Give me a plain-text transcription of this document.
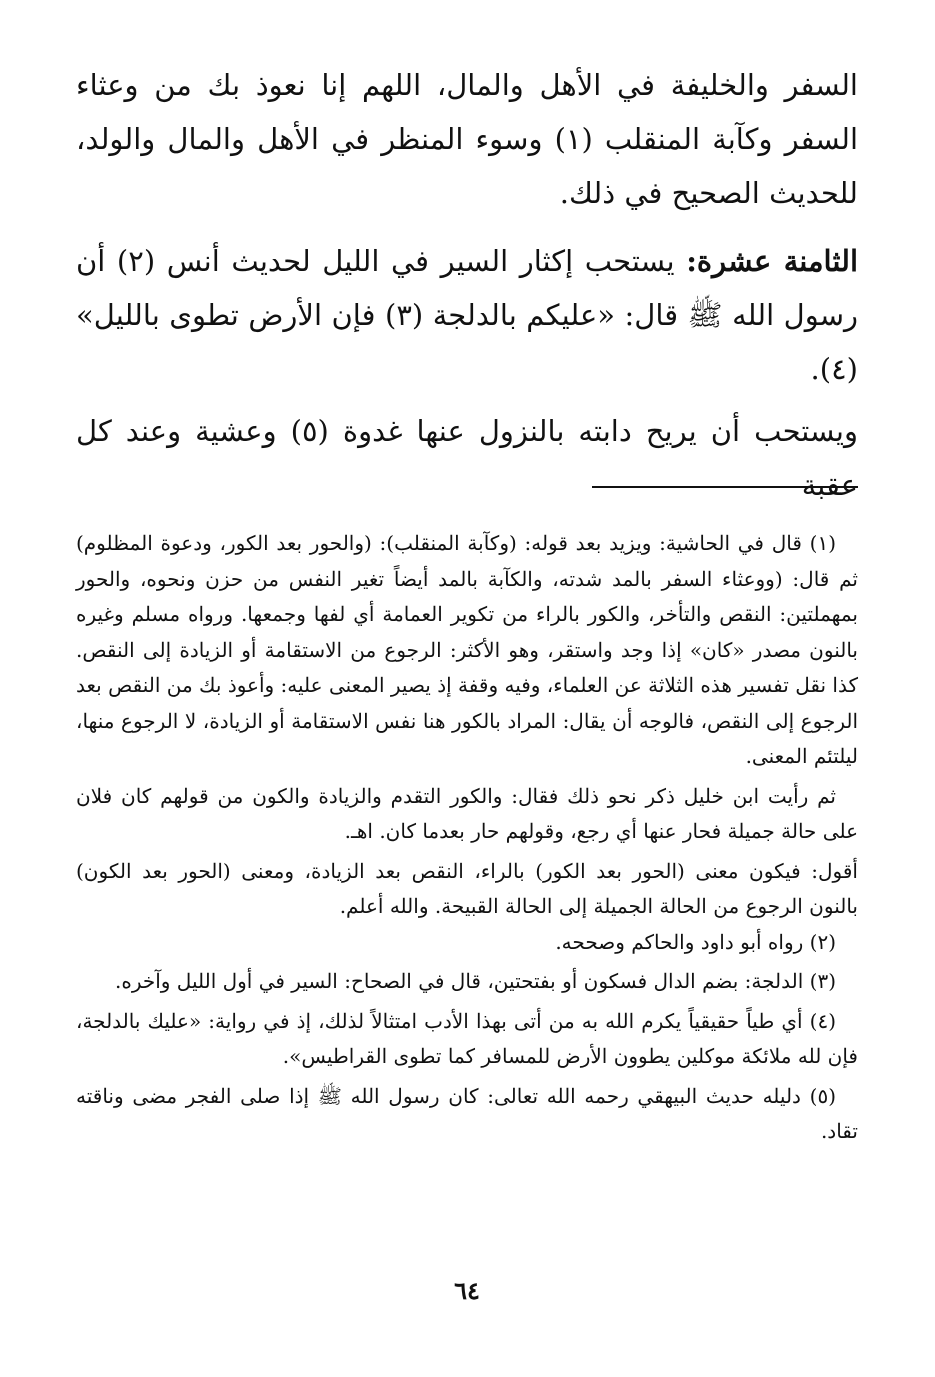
السفر والخليفة في الأهل والمال، اللهم إنا نعوذ بك من وعثاء السفر وكآبة المنقلب (١) وسوء المنظر في الأهل والمال والولد، للحديث الصحيح في ذلك.

الثامنة عشرة: يستحب إكثار السير في الليل لحديث أنس (٢) أن رسول الله ﷺ قال: «عليكم بالدلجة (٣) فإن الأرض تطوى بالليل» (٤).

ويستحب أن يريح دابته بالنزول عنها غدوة (٥) وعشية وعند كل عقبة

(١) قال في الحاشية: ويزيد بعد قوله: (وكآبة المنقلب): (والحور بعد الكور، ودعوة المظلوم) ثم قال: (ووعثاء السفر بالمد شدته، والكآبة بالمد أيضاً تغير النفس من حزن ونحوه، والحور بمهملتين: النقص والتأخر، والكور بالراء من تكوير العمامة أي لفها وجمعها. ورواه مسلم وغيره بالنون مصدر «كان» إذا وجد واستقر، وهو الأكثر: الرجوع من الاستقامة أو الزيادة إلى النقص. كذا نقل تفسير هذه الثلاثة عن العلماء، وفيه وقفة إذ يصير المعنى عليه: وأعوذ بك من النقص بعد الرجوع إلى النقص، فالوجه أن يقال: المراد بالكور هنا نفس الاستقامة أو الزيادة، لا الرجوع منها، ليلتئم المعنى.

ثم رأيت ابن خليل ذكر نحو ذلك فقال: والكور التقدم والزيادة والكون من قولهم كان فلان على حالة جميلة فحار عنها أي رجع، وقولهم حار بعدما كان. اهـ.

أقول: فيكون معنى (الحور بعد الكور) بالراء، النقص بعد الزيادة، ومعنى (الحور بعد الكون) بالنون الرجوع من الحالة الجميلة إلى الحالة القبيحة. والله أعلم.

(٢) رواه أبو داود والحاكم وصححه.

(٣) الدلجة: بضم الدال فسكون أو بفتحتين، قال في الصحاح: السير في أول الليل وآخره.

(٤) أي طياً حقيقياً يكرم الله به من أتى بهذا الأدب امتثالاً لذلك، إذ في رواية: «عليك بالدلجة، فإن لله ملائكة موكلين يطوون الأرض للمسافر كما تطوى القراطيس».

(٥) دليله حديث البيهقي رحمه الله تعالى: كان رسول الله ﷺ إذا صلى الفجر مضى وناقته تقاد.

٦٤
